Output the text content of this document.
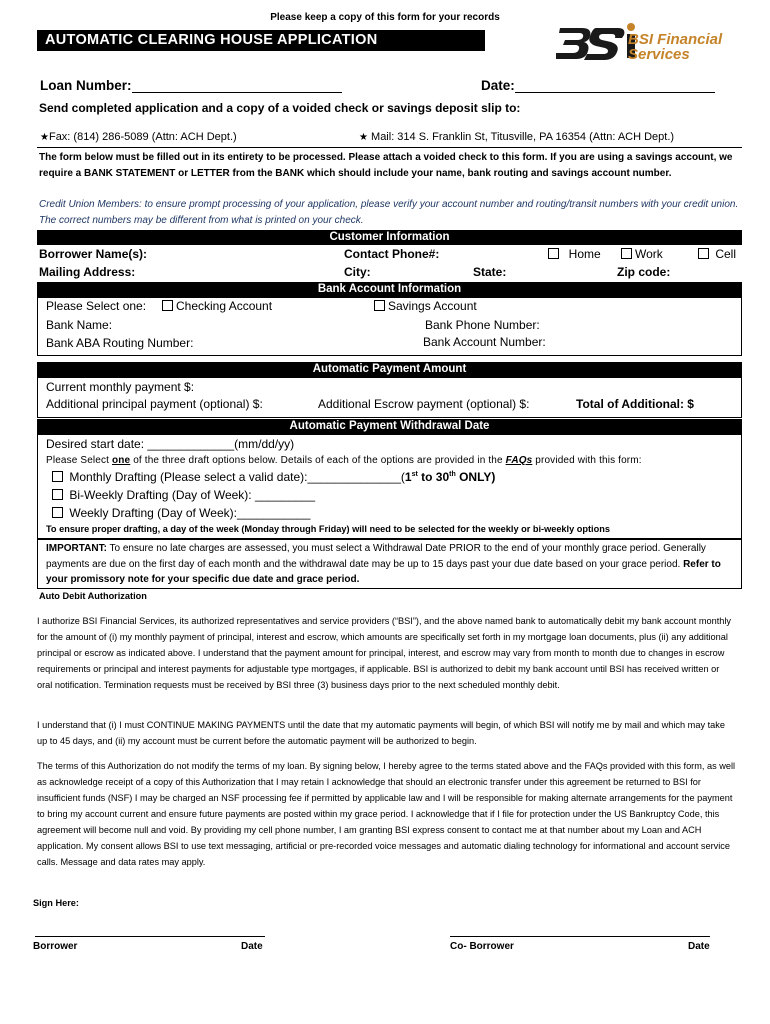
Please keep a copy of this form for your records
AUTOMATIC CLEARING HOUSE APPLICATION	BSI Financial
Services
Loan Number:	Date:
Send completed application and a copy of a voided check or savings deposit slip to:
★Fax: (814) 286-5089 (Attn: ACH Dept.)	★ Mail: 314 S. Franklin St, Titusville, PA 16354 (Attn: ACH Dept.)
The form below must be filled out in its entirety to be processed. Please attach a voided check to this form. If you are using a savings account, we require a BANK STATEMENT or LETTER from the BANK which should include your name, bank routing and savings account number.
Credit Union Members: to ensure prompt processing of your application, please verify your account number and routing/transit numbers with your credit union. The correct numbers may be different from what is printed on your check.
Customer Information
Borrower Name(s):	Contact Phone#:	Home	Work	Cell
Mailing Address:	City:	State:	Zip code:
Bank Account Information
Please Select one:	Checking Account	Savings Account
Bank Name:	Bank Phone Number:
Bank ABA Routing Number:	Bank Account Number:
Automatic Payment Amount
Current monthly payment $:
Additional principal payment (optional) $:	Additional Escrow payment (optional) $:	Total of Additional: $
Automatic Payment Withdrawal Date
Desired start date: _____________(mm/dd/yy)
Please Select one of the three draft options below. Details of each of the options are provided in the FAQs provided with this form:
Monthly Drafting (Please select a valid date):______________(1st to 30th ONLY)
Bi-Weekly Drafting (Day of Week): _________
Weekly Drafting (Day of Week):___________
To ensure proper drafting, a day of the week (Monday through Friday) will need to be selected for the weekly or bi-weekly options
IMPORTANT: To ensure no late charges are assessed, you must select a Withdrawal Date PRIOR to the end of your monthly grace period. Generally payments are due on the first day of each month and the withdrawal date may be up to 15 days past your due date based on your grace period. Refer to your promissory note for your specific due date and grace period.
Auto Debit Authorization
I authorize BSI Financial Services, its authorized representatives and service providers (“BSI”), and the above named bank to automatically debit my bank account monthly for the amount of (i) my monthly payment of principal, interest and escrow, which amounts are specifically set forth in my mortgage loan documents, plus (ii) any additional principal or escrow as indicated above. I understand that the payment amount for principal, interest, and escrow may vary from month to month due to changes in escrow requirements or principal and interest payments for adjustable type mortgages, if applicable. BSI is authorized to debit my bank account until BSI has received written or oral notification. Termination requests must be received by BSI three (3) business days prior to the next scheduled monthly debit.
I understand that (i) I must CONTINUE MAKING PAYMENTS until the date that my automatic payments will begin, of which BSI will notify me by mail and which may take up to 45 days, and (ii) my account must be current before the automatic payment will be authorized to begin.
The terms of this Authorization do not modify the terms of my loan. By signing below, I hereby agree to the terms stated above and the FAQs provided with this form, as well as acknowledge receipt of a copy of this Authorization that I may retain I acknowledge that should an electronic transfer under this agreement be returned to BSI for insufficient funds (NSF) I may be charged an NSF processing fee if permitted by applicable law and I will be responsible for making alternate arrangements for the payment to bring my account current and ensure future payments are posted within my grace period. I acknowledge that if I file for protection under the US Bankruptcy Code, this agreement will become null and void. By providing my cell phone number, I am granting BSI express consent to contact me at that number about my Loan and ACH application. My consent allows BSI to use text messaging, artificial or pre-recorded voice messages and automatic dialing technology for informational and account service calls. Message and data rates may apply.
Sign Here:
Borrower	Date	Co- Borrower	Date
